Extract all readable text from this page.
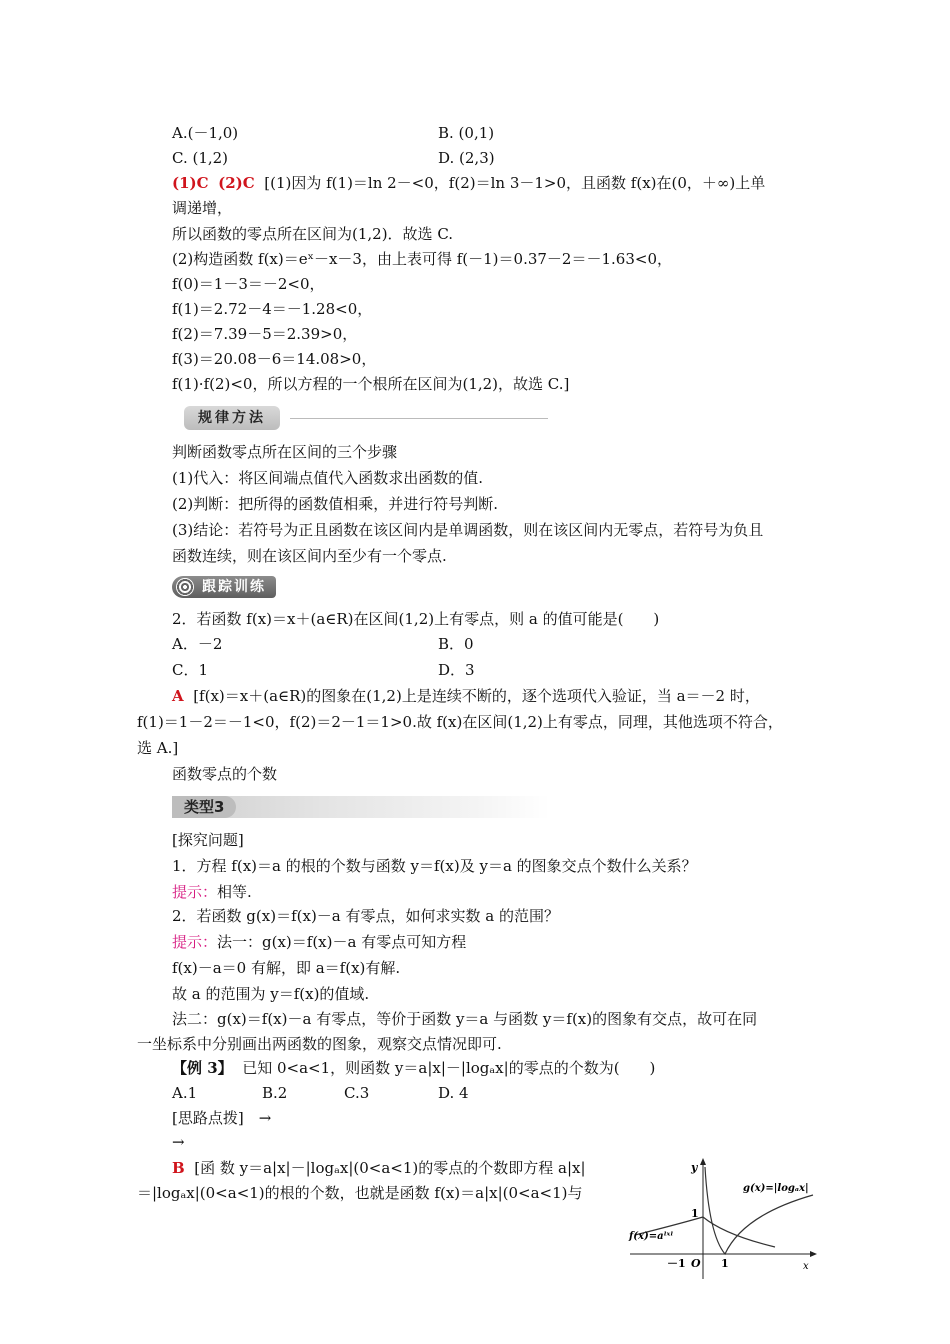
A.(－1,0)	B. (0,1)
C. (1,2)	D. (2,3)
(1)C (2)C [(1)因为 f(1)＝ln 2－<0，f(2)＝ln 3－1>0，且函数 f(x)在(0，＋∞)上单
调递增，
所以函数的零点所在区间为(1,2)．故选 C.
(2)构造函数 f(x)＝eˣ－x－3，由上表可得 f(－1)＝0.37－2＝－1.63<0，
f(0)＝1－3＝－2<0，
f(1)＝2.72－4＝－1.28<0，
f(2)＝7.39－5＝2.39>0，
f(3)＝20.08－6＝14.08>0，
f(1)·f(2)<0，所以方程的一个根所在区间为(1,2)，故选 C.]
规律方法
判断函数零点所在区间的三个步骤
(1)代入：将区间端点值代入函数求出函数的值.
(2)判断：把所得的函数值相乘，并进行符号判断.
(3)结论：若符号为正且函数在该区间内是单调函数，则在该区间内无零点，若符号为负且
函数连续，则在该区间内至少有一个零点.
跟踪训练
2．若函数 f(x)＝x＋(a∈R)在区间(1,2)上有零点，则 a 的值可能是(　　)
A．－2	B．0
C．1	D．3
A [f(x)＝x＋(a∈R)的图象在(1,2)上是连续不断的，逐个选项代入验证，当 a＝－2 时，
f(1)＝1－2＝－1<0，f(2)＝2－1＝1>0.故 f(x)在区间(1,2)上有零点，同理，其他选项不符合，
选 A.]
函数零点的个数
类型3
[探究问题]
1．方程 f(x)＝a 的根的个数与函数 y＝f(x)及 y＝a 的图象交点个数什么关系？
提示：相等.
2．若函数 g(x)＝f(x)－a 有零点，如何求实数 a 的范围？
提示：法一：g(x)＝f(x)－a 有零点可知方程
f(x)－a＝0 有解，即 a＝f(x)有解.
故 a 的范围为 y＝f(x)的值域.
法二：g(x)＝f(x)－a 有零点，等价于函数 y＝a 与函数 y＝f(x)的图象有交点，故可在同
一坐标系中分别画出两函数的图象，观察交点情况即可.
【例 3】 已知 0<a<1，则函数 y＝a|x|－|logₐx|的零点的个数为(　　)
A.1	B.2	C.3	D. 4
[思路点拨]　→
→
B [函 数 y＝a|x|－|logₐx|(0<a<1)的零点的个数即方程 a|x|
＝|logₐx|(0<a<1)的根的个数，也就是函数 f(x)＝a|x|(0<a<1)与	g(x)=|logₐx|
f(x)=aˡˣˡ
y
x
1
－1 O 1
